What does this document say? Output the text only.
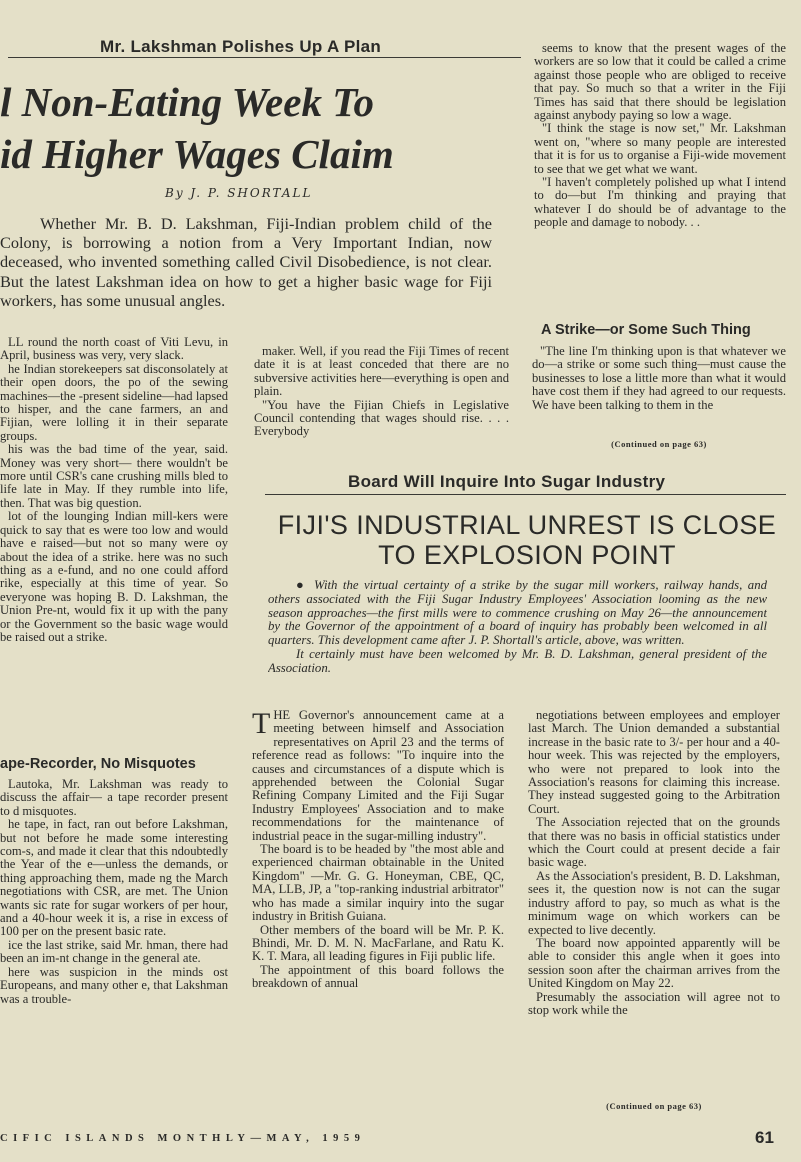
Mr. Lakshman Polishes Up A Plan
l Non-Eating Week To
id Higher Wages Claim
By J. P. SHORTALL

Whether Mr. B. D. Lakshman, Fiji-Indian problem child of the Colony, is borrowing a notion from a Very Important Indian, now deceased, who invented something called Civil Disobedience, is not clear. But the latest Lakshman idea on how to get a higher basic wage for Fiji workers, has some unusual angles.

LL round the north coast of Viti Levu, in April, business was very, very slack.

he Indian storekeepers sat disconsolately at their open doors, the po of the sewing machines—the -present sideline—had lapsed to hisper, and the cane farmers, an and Fijian, were lolling it in their separate groups.

his was the bad time of the year, said. Money was very short— there wouldn't be more until CSR's cane crushing mills bled to life late in May. If they rumble into life, then. That was big question.

lot of the lounging Indian mill-kers were quick to say that es were too low and would have e raised—but not so many were oy about the idea of a strike. here was no such thing as a e-fund, and no one could afford rike, especially at this time of year. So everyone was hoping B. D. Lakshman, the Union Pre-nt, would fix it up with the pany or the Government so the basic wage would be raised out a strike.

ape-Recorder, No Misquotes

Lautoka, Mr. Lakshman was ready to discuss the affair— a tape recorder present to d misquotes.

he tape, in fact, ran out before Lakshman, but not before he made some interesting com-s, and made it clear that this ndoubtedly the Year of the e—unless the demands, or thing approaching them, made ng the March negotiations with CSR, are met. The Union wants sic rate for sugar workers of per hour, and a 40-hour week it is, a rise in excess of 100 per on the present basic rate.

ice the last strike, said Mr. hman, there had been an im-nt change in the general ate.

here was suspicion in the minds ost Europeans, and many other e, that Lakshman was a trouble-

maker. Well, if you read the Fiji Times of recent date it is at least conceded that there are no subversive activities here—everything is open and plain.

"You have the Fijian Chiefs in Legislative Council contending that wages should rise. . . . Everybody

seems to know that the present wages of the workers are so low that it could be called a crime against those people who are obliged to receive that pay. So much so that a writer in the Fiji Times has said that there should be legislation against anybody paying so low a wage.

"I think the stage is now set," Mr. Lakshman went on, "where so many people are interested that it is for us to organise a Fiji-wide movement to see that we get what we want.

"I haven't completely polished up what I intend to do—but I'm thinking and praying that whatever I do should be of advantage to the people and damage to nobody. . .

A Strike—or Some Such Thing

"The line I'm thinking upon is that whatever we do—a strike or some such thing—must cause the businesses to lose a little more than what it would have cost them if they had agreed to our requests. We have been talking to them in the

(Continued on page 63)
Board Will Inquire Into Sugar Industry
FIJI'S INDUSTRIAL UNREST IS CLOSE
TO EXPLOSION POINT

● With the virtual certainty of a strike by the sugar mill workers, railway hands, and others associated with the Fiji Sugar Industry Employees' Association looming as the new season approaches—the first mills were to commence crushing on May 26—the announcement by the Governor of the appointment of a board of inquiry has probably been welcomed in all quarters. This development came after J. P. Shortall's article, above, was written.

It certainly must have been welcomed by Mr. B. D. Lakshman, general president of the Association.

THE Governor's announcement came at a meeting between himself and Association representatives on April 23 and the terms of reference read as follows: "To inquire into the causes and circumstances of a dispute which is apprehended between the Colonial Sugar Refining Company Limited and the Fiji Sugar Industry Employees' Association and to make recommendations for the maintenance of industrial peace in the sugar-milling industry".

The board is to be headed by "the most able and experienced chairman obtainable in the United Kingdom" —Mr. G. G. Honeyman, CBE, QC, MA, LLB, JP, a "top-ranking industrial arbitrator" who has made a similar inquiry into the sugar industry in British Guiana.

Other members of the board will be Mr. P. K. Bhindi, Mr. D. M. N. MacFarlane, and Ratu K. K. T. Mara, all leading figures in Fiji public life.

The appointment of this board follows the breakdown of annual

negotiations between employees and employer last March. The Union demanded a substantial increase in the basic rate to 3/- per hour and a 40-hour week. This was rejected by the employers, who were not prepared to look into the Association's reasons for claiming this increase. They instead suggested going to the Arbitration Court.

The Association rejected that on the grounds that there was no basis in official statistics under which the Court could at present decide a fair basic wage.

As the Association's president, B. D. Lakshman, sees it, the question now is not can the sugar industry afford to pay, so much as what is the minimum wage on which workers can be expected to live decently.

The board now appointed apparently will be able to consider this angle when it goes into session soon after the chairman arrives from the United Kingdom on May 22.

Presumably the association will agree not to stop work while the

(Continued on page 63)
CIFIC ISLANDS MONTHLY—MAY, 1959	61
